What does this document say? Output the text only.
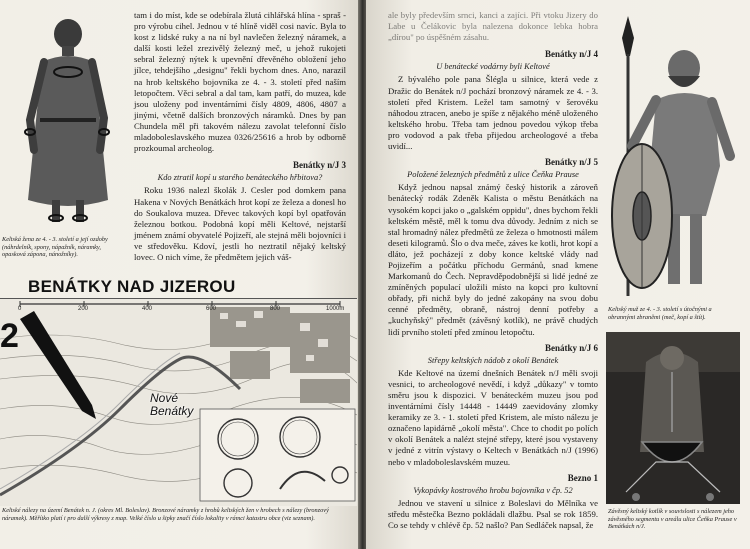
Keltská žena ze 4. - 3. století a její ozdoby (náhrdelník, spony, nápažník, náramky, opasková zápona, nánožníky).

tam i do míst, kde se odebírala žlutá cihlářská hlína - spraš - pro výrobu cihel. Jednou v té hlíně viděl cosi navíc. Byla to kost z lidské ruky a na ní byl navlečen železný náramek, a další kosti ležel zrezivělý železný meč, u jehož rukojeti sebral železný nýtek k upevnění dřevěného obložení jeho jílce, tehdejšího „designu" řekli bychom dnes. Ano, narazil na hrob keltského bojovníka ze 4. - 3. století před naším letopočtem. Věci sebral a dal tam, kam patří, do muzea, kde jsou uloženy pod inventárními čísly 4809, 4806, 4807 a jinými, včetně dalších bronzových náramků. Dnes by pan Chundela měl při takovém nálezu zavolat telefonní číslo mladoboleslavského muzea 0326/25616 a hrob by odborně prozkoumal archeolog.

Benátky n/J 3
Kdo ztratil kopí u starého benáteckého hřbitova?

Roku 1936 nalezl školák J. Cesler pod domkem pana Hakena v Nových Benátkách hrot kopí ze železa a donesl ho do Soukalova muzea. Dřevec takových kopí byl opatřován železnou botkou. Podobná kopí měli Keltové, nejstarší jménem známí obyvatelé Pojizeří, ale stejná měli bojovníci i ve středověku. Kdoví, jestli ho neztratil nějaký keltský lovec. O nich víme, že předmětem jejich váš-

BENÁTKY NAD JIZEROU
0	200	400	600	800	1000m
2
Nové
Benátky
Keltské nálezy na území Benátek n. J. (okres Ml. Boleslav). Bronzové náramky z hrobů keltských žen v hrobech s nálezy (bronzový náramek). Měřítko platí i pro další výkresy z map. Velké číslo u šipky značí číslo lokality v rámci katastru obce (viz seznam).

ale byly především srnci, kanci a zajíci. Při vtoku Jizery do Labe u Čelákovic byla nalezena dokonce lebka hobra „dírou" po úspěšném zásahu.

Benátky n/J 4
U benátecké vodárny byli Keltové

Z bývalého pole pana Šlégla u silnice, která vede z Dražic do Benátek n/J pochází bronzový náramek ze 4. - 3. století před Kristem. Ležel tam samotný v šerovéku náhodou ztracen, anebo je spíše z nějakého méně uloženého keltského hrobu. Třeba tam jednou povedou výkop třeba pro vodovod a pak třeba přijedou archeologové a třeba uvidí...

Benátky n/J 5
Položené železných předmětů z ulice Čeňka Prause

Když jednou napsal známý český historik a zároveň benátecký rodák Zdeněk Kalista o městu Benátkách na vysokém kopci jako o „galském oppidu", dnes bychom řekli keltském městě, měl k tomu dva důvody. Jedním z nich se stal hromadný nález předmětů ze železa o hmotnosti málem deseti kilogramů. Šlo o dva meče, záves ke kotli, hrot kopí a dláto, jež pocházejí z doby konce keltské vlády nad Pojizeřím a počátku příchodu Germánů, snad kmene Markomanů do Čech. Nepravděpodobnější si lidé jedné ze zmíněných populací uložili místo na kopci pro kultovní obřady, při nichž byly do jedné zakopány na svou dobu cenné předměty, obraně, nástroj denní potřeby a „kuchyňský" předmět (závěsný kotlík), ne právě chudých lidí prvního století před zmínou letopočtu.

Benátky n/J 6
Střepy keltských nádob z okolí Benátek

Kde Keltové na území dnešních Benátek n/J měli svoji vesnici, to archeologové nevědí, i když „důkazy" v tomto směru jsou k dispozici. V benáteckém muzeu jsou pod inventárními čísly 14448 - 14449 zaevidovány zlomky keramiky ze 3. - 1. století před Kristem, ale místo nálezu je označeno lapidárně „okolí města". Chce to chodit po polích v okolí Benátek a nalézt stejné střepy, které jsou vystaveny v jedné z vitrín výstavy o Keltech v Benátkách n/J (1996) nebo v mladoboleslavském muzeu.

Bezno 1
Vykopávky kostrového hrobu bojovníka v čp. 52

Jednou ve stavení u silnice z Boleslavi do Mělníka ve středu městečka Bezno pokládali dlažbu. Psal se rok 1859. Co se tehdy v chlévě čp. 52 našlo? Pan Sedláček napsal, že

Keltský muž ze 4. - 3. století s útočnými a obrannými zbraněmi (meč, kopí a štít).
Závěsný keltský kotlík v souvislosti s nálezem jeho závěsného segmentu v areálu ulice Čeňka Prause v Benátkách n/J.
